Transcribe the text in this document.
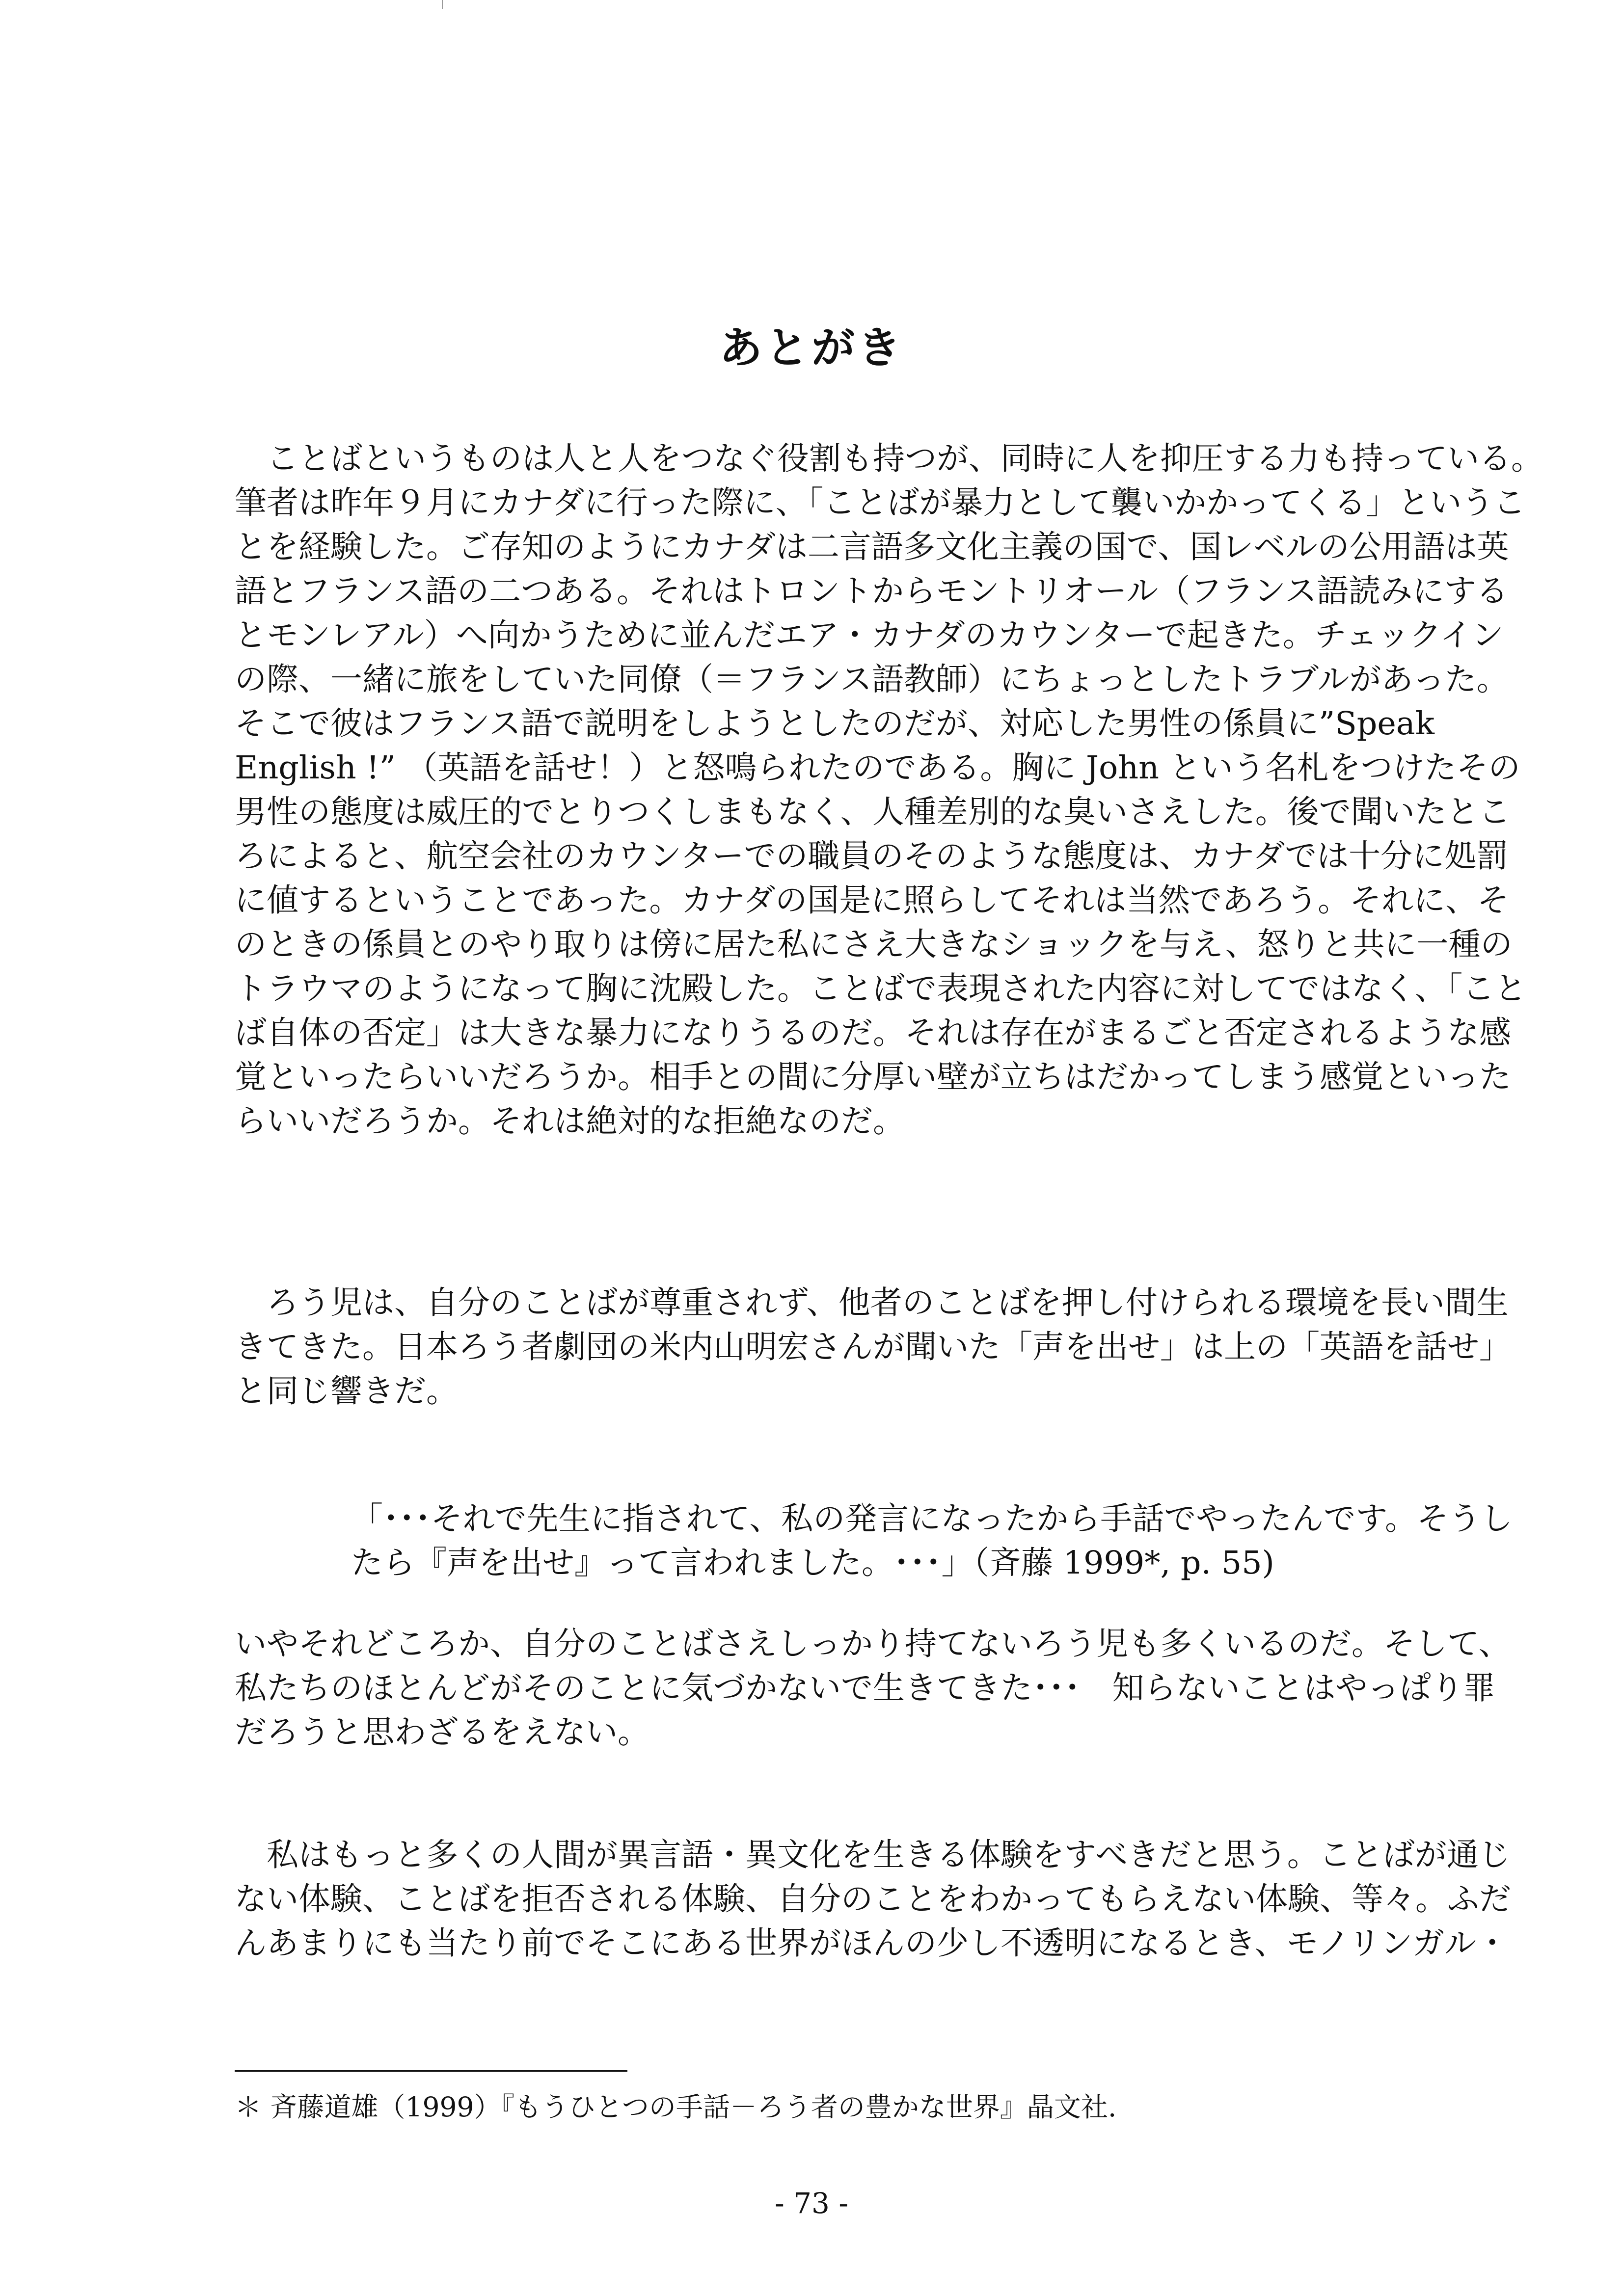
あとがき
　ことばというものは人と人をつなぐ役割も持つが、同時に人を抑圧する力も持っている。
筆者は昨年９月にカナダに行った際に、「ことばが暴力として襲いかかってくる」というこ
とを経験した。ご存知のようにカナダは二言語多文化主義の国で、国レベルの公用語は英
語とフランス語の二つある。それはトロントからモントリオール（フランス語読みにする
とモンレアル）へ向かうために並んだエア・カナダのカウンターで起きた。チェックイン
の際、一緒に旅をしていた同僚（＝フランス語教師）にちょっとしたトラブルがあった。
そこで彼はフランス語で説明をしようとしたのだが、対応した男性の係員に”Speak
English !” （英語を話せ！）と怒鳴られたのである。胸に John という名札をつけたその
男性の態度は威圧的でとりつくしまもなく、人種差別的な臭いさえした。後で聞いたとこ
ろによると、航空会社のカウンターでの職員のそのような態度は、カナダでは十分に処罰
に値するということであった。カナダの国是に照らしてそれは当然であろう。それに、そ
のときの係員とのやり取りは傍に居た私にさえ大きなショックを与え、怒りと共に一種の
トラウマのようになって胸に沈殿した。ことばで表現された内容に対してではなく、「こと
ば自体の否定」は大きな暴力になりうるのだ。それは存在がまるごと否定されるような感
覚といったらいいだろうか。相手との間に分厚い壁が立ちはだかってしまう感覚といった
らいいだろうか。それは絶対的な拒絶なのだ。
　ろう児は、自分のことばが尊重されず、他者のことばを押し付けられる環境を長い間生
きてきた。日本ろう者劇団の米内山明宏さんが聞いた「声を出せ」は上の「英語を話せ」
と同じ響きだ。
「･･･それで先生に指されて、私の発言になったから手話でやったんです。そうし
たら『声を出せ』って言われました。･･･」（斉藤 1999*, p. 55)
いやそれどころか、自分のことばさえしっかり持てないろう児も多くいるのだ。そして、
私たちのほとんどがそのことに気づかないで生きてきた･･･　知らないことはやっぱり罪
だろうと思わざるをえない。
　私はもっと多くの人間が異言語・異文化を生きる体験をすべきだと思う。ことばが通じ
ない体験、ことばを拒否される体験、自分のことをわかってもらえない体験、等々。ふだ
んあまりにも当たり前でそこにある世界がほんの少し不透明になるとき、モノリンガル・
＊ 斉藤道雄（1999）『もうひとつの手話－ろう者の豊かな世界』晶文社.
- 73 -
